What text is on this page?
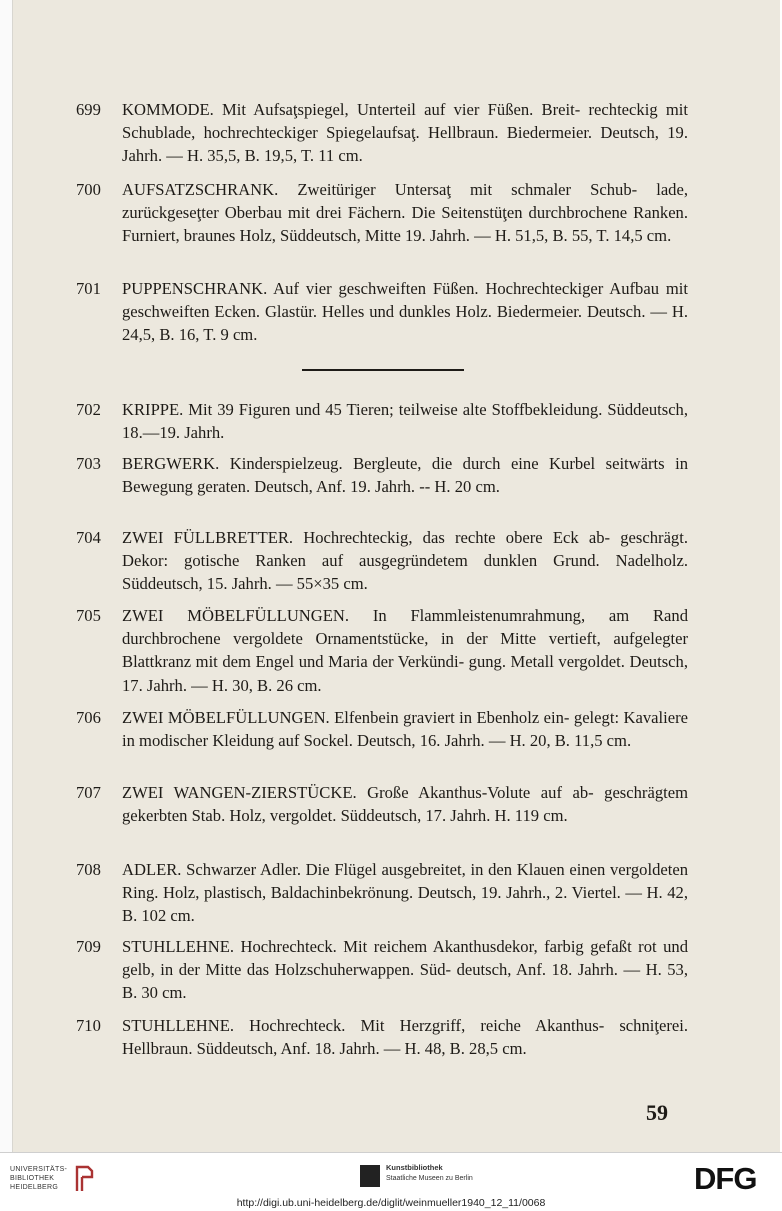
699	KOMMODE. Mit Aufsaţspiegel, Unterteil auf vier Füßen. Breit- rechteckig mit Schublade, hochrechteckiger Spiegelaufsaţ. Hellbraun. Biedermeier. Deutsch, 19. Jahrh. — H. 35,5, B. 19,5, T. 11 cm.
700	AUFSATZSCHRANK. Zweitüriger Untersaţ mit schmaler Schub- lade, zurückgeseţter Oberbau mit drei Fächern. Die Seitenstüţen durchbrochene Ranken. Furniert, braunes Holz, Süddeutsch, Mitte 19. Jahrh. — H. 51,5, B. 55, T. 14,5 cm.
701	PUPPENSCHRANK. Auf vier geschweiften Füßen. Hochrechteckiger Aufbau mit geschweiften Ecken. Glastür. Helles und dunkles Holz. Biedermeier. Deutsch. — H. 24,5, B. 16, T. 9 cm.
702	KRIPPE. Mit 39 Figuren und 45 Tieren; teilweise alte Stoffbekleidung. Süddeutsch, 18.—19. Jahrh.
703	BERGWERK. Kinderspielzeug. Bergleute, die durch eine Kurbel seitwärts in Bewegung geraten. Deutsch, Anf. 19. Jahrh. -- H. 20 cm.
704	ZWEI FÜLLBRETTER. Hochrechteckig, das rechte obere Eck ab- geschrägt. Dekor: gotische Ranken auf ausgegründetem dunklen Grund. Nadelholz. Süddeutsch, 15. Jahrh. — 55×35 cm.
705	ZWEI MÖBELFÜLLUNGEN. In Flammleistenumrahmung, am Rand durchbrochene vergoldete Ornamentstücke, in der Mitte vertieft, aufgelegter Blattkranz mit dem Engel und Maria der Verkündi- gung. Metall vergoldet. Deutsch, 17. Jahrh. — H. 30, B. 26 cm.
706	ZWEI MÖBELFÜLLUNGEN. Elfenbein graviert in Ebenholz ein- gelegt: Kavaliere in modischer Kleidung auf Sockel. Deutsch, 16. Jahrh. — H. 20, B. 11,5 cm.
707	ZWEI WANGEN-ZIERSTÜCKE. Große Akanthus-Volute auf ab- geschrägtem gekerbten Stab. Holz, vergoldet. Süddeutsch, 17. Jahrh. H. 119 cm.
708	ADLER. Schwarzer Adler. Die Flügel ausgebreitet, in den Klauen einen vergoldeten Ring. Holz, plastisch, Baldachinbekrönung. Deutsch, 19. Jahrh., 2. Viertel. — H. 42, B. 102 cm.
709	STUHLLEHNE. Hochrechteck. Mit reichem Akanthusdekor, farbig gefaßt rot und gelb, in der Mitte das Holzschuherwappen. Süd- deutsch, Anf. 18. Jahrh. — H. 53, B. 30 cm.
710	STUHLLEHNE. Hochrechteck. Mit Herzgriff, reiche Akanthus- schniţerei. Hellbraun. Süddeutsch, Anf. 18. Jahrh. — H. 48, B. 28,5 cm.
59
UNIVERSITÄTS-
BIBLIOTHEK
HEIDELBERG
Kunstbibliothek
Staatliche Museen zu Berlin	DFG
http://digi.ub.uni-heidelberg.de/diglit/weinmueller1940_12_11/0068
